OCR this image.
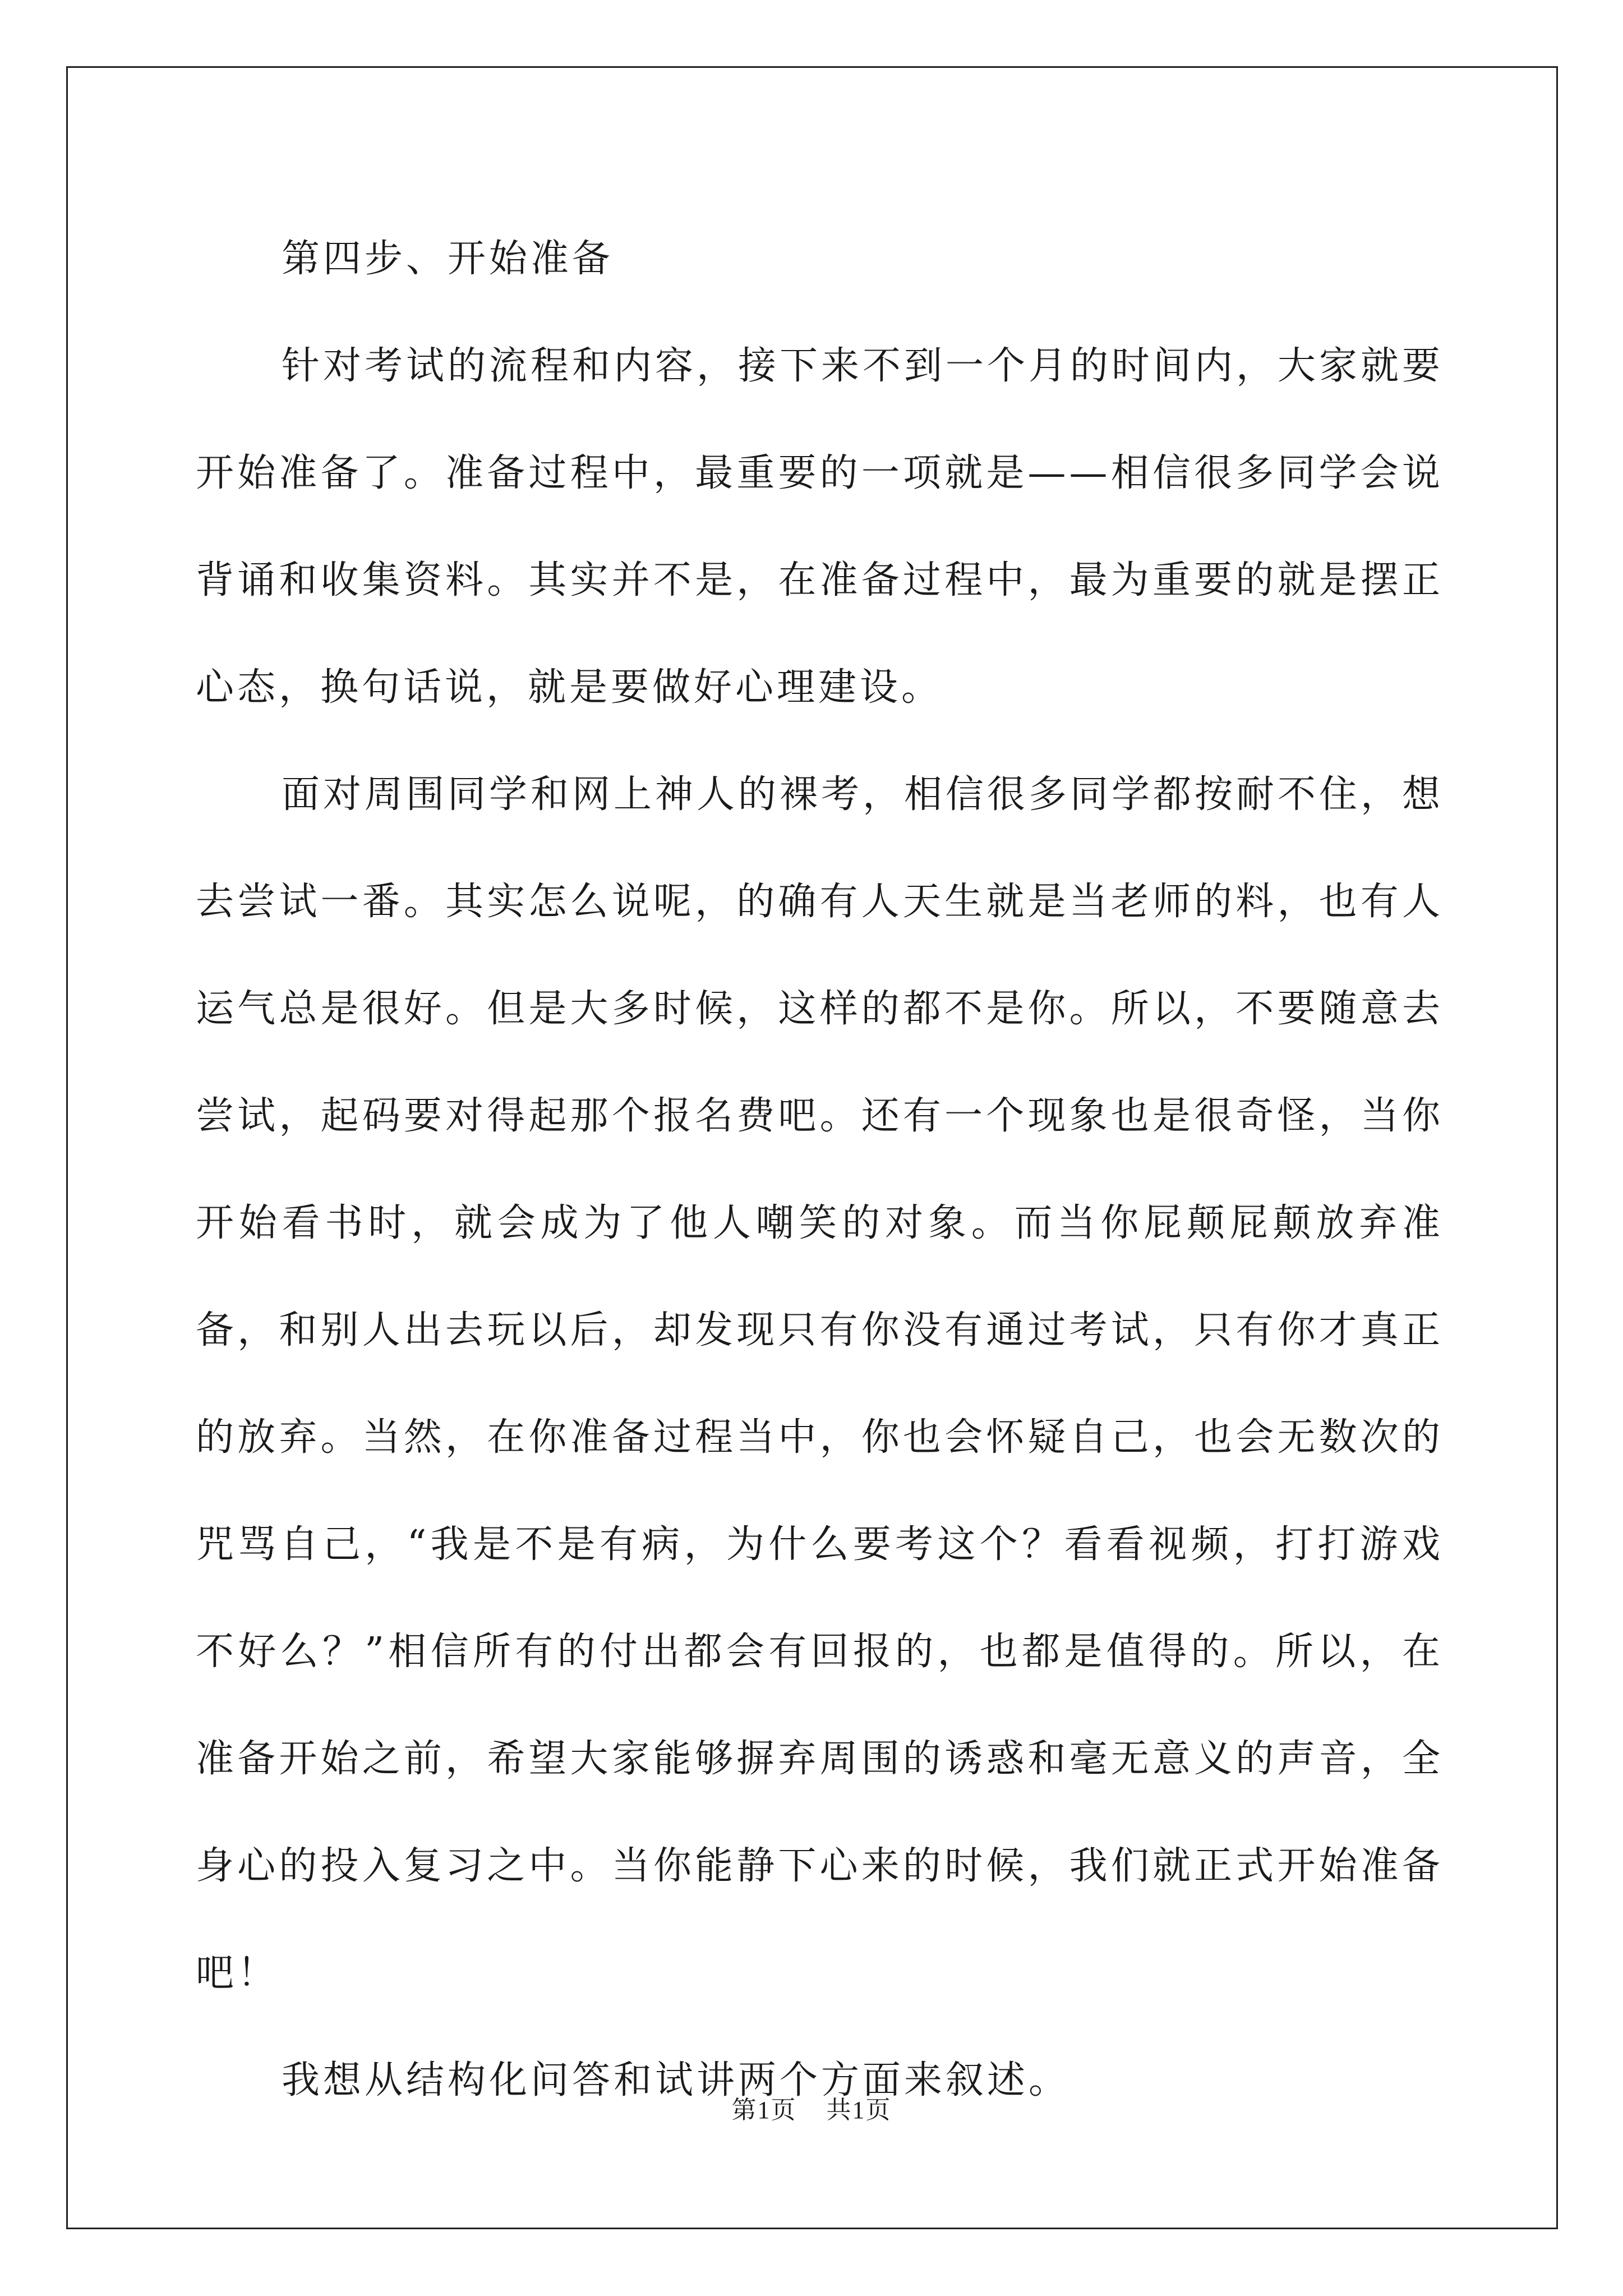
第四步、开始准备

针对考试的流程和内容，接下来不到一个月的时间内，大家就要开始准备了。准备过程中，最重要的一项就是——相信很多同学会说背诵和收集资料。其实并不是，在准备过程中，最为重要的就是摆正心态，换句话说，就是要做好心理建设。

面对周围同学和网上神人的裸考，相信很多同学都按耐不住，想去尝试一番。其实怎么说呢，的确有人天生就是当老师的料，也有人运气总是很好。但是大多时候，这样的都不是你。所以，不要随意去尝试，起码要对得起那个报名费吧。还有一个现象也是很奇怪，当你开始看书时，就会成为了他人嘲笑的对象。而当你屁颠屁颠放弃准备，和别人出去玩以后，却发现只有你没有通过考试，只有你才真正的放弃。当然，在你准备过程当中，你也会怀疑自己，也会无数次的咒骂自己，“我是不是有病，为什么要考这个？看看视频，打打游戏不好么？”相信所有的付出都会有回报的，也都是值得的。所以，在准备开始之前，希望大家能够摒弃周围的诱惑和毫无意义的声音，全身心的投入复习之中。当你能静下心来的时候，我们就正式开始准备吧！

我想从结构化问答和试讲两个方面来叙述。

第1页 共1页
